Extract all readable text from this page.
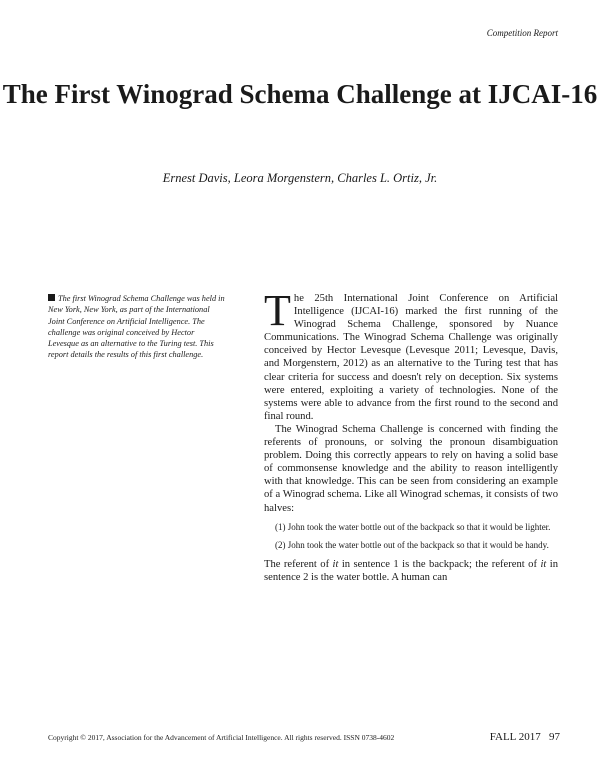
Competition Report
The First Winograd Schema Challenge at IJCAI-16
Ernest Davis, Leora Morgenstern, Charles L. Ortiz, Jr.
The first Winograd Schema Challenge was held in New York, New York, as part of the International Joint Conference on Artificial Intelligence. The challenge was original conceived by Hector Levesque as an alternative to the Turing test. This report details the results of this first challenge.

The 25th International Joint Conference on Artificial Intelligence (IJCAI-16) marked the first running of the Winograd Schema Challenge, sponsored by Nuance Communications. The Winograd Schema Challenge was originally conceived by Hector Levesque (Levesque 2011; Levesque, Davis, and Morgenstern, 2012) as an alternative to the Turing test that has clear criteria for success and doesn't rely on deception. Six systems were entered, exploiting a variety of technologies. None of the systems were able to advance from the first round to the second and final round.

The Winograd Schema Challenge is concerned with finding the referents of pronouns, or solving the pronoun disambiguation problem. Doing this correctly appears to rely on having a solid base of commonsense knowledge and the ability to reason intelligently with that knowledge. This can be seen from considering an example of a Winograd schema. Like all Winograd schemas, it consists of two halves:

(1) John took the water bottle out of the backpack so that it would be lighter.
(2) John took the water bottle out of the backpack so that it would be handy.

The referent of it in sentence 1 is the backpack; the referent of it in sentence 2 is the water bottle. A human can

Copyright © 2017, Association for the Advancement of Artificial Intelligence. All rights reserved. ISSN 0738-4602	FALL 2017   97
